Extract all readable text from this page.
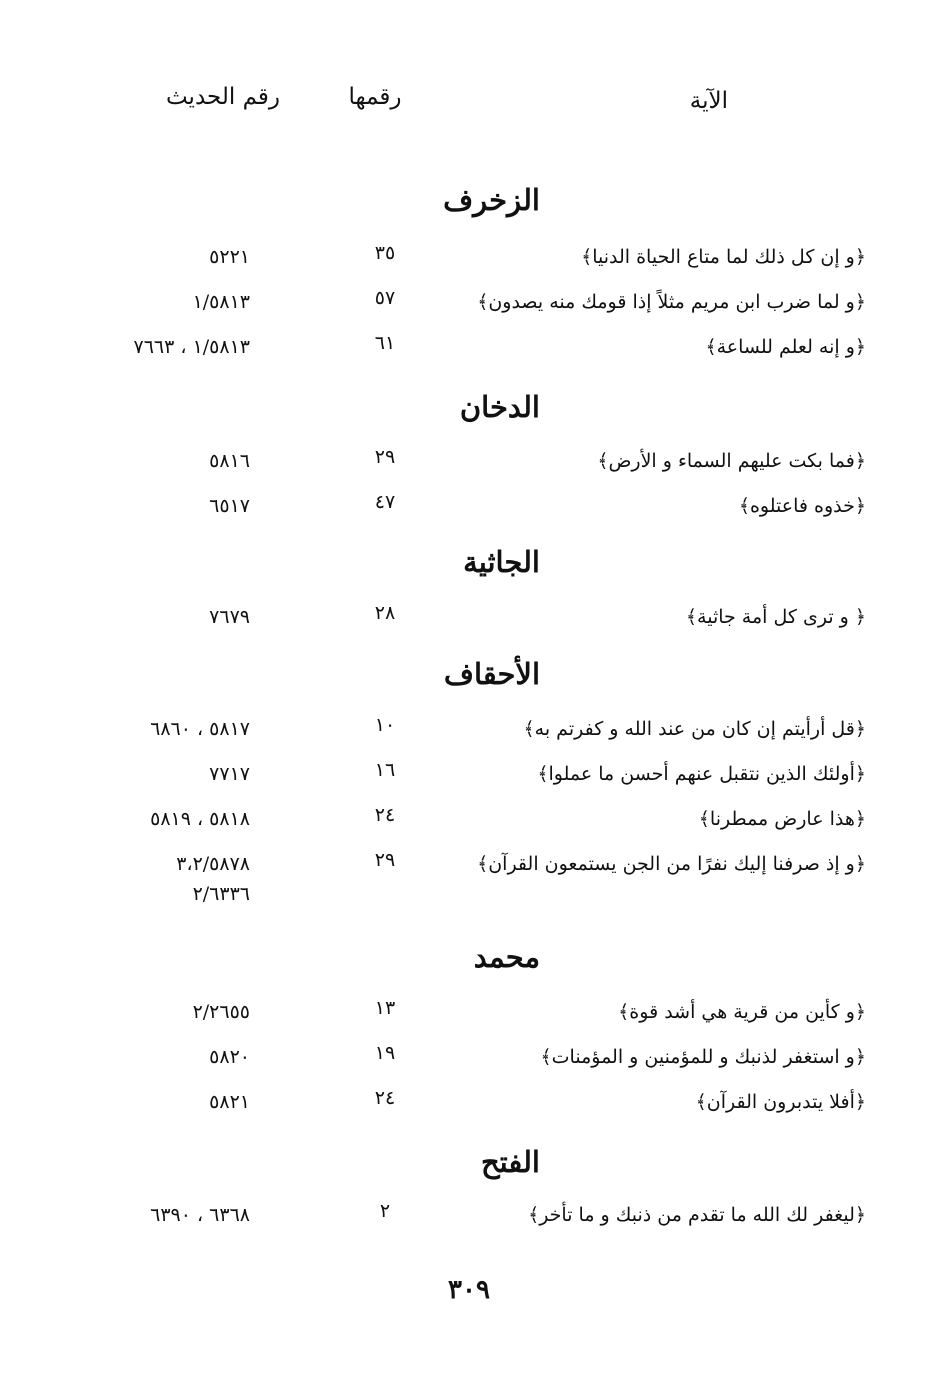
الآية
رقمها
رقم الحديث
الزخرف
﴿و إن كل ذلك لما متاع الحياة الدنيا﴾
٣٥
٥٢٢١
﴿و لما ضرب ابن مريم مثلاً إذا قومك منه يصدون﴾
٥٧
١/٥٨١٣
﴿و إنه لعلم للساعة﴾
٦١
١/٥٨١٣ ، ٧٦٦٣
الدخان
﴿فما بكت عليهم السماء و الأرض﴾
٢٩
٥٨١٦
﴿خذوه فاعتلوه﴾
٤٧
٦٥١٧
الجاثية
﴿ و ترى كل أمة جاثية﴾
٢٨
٧٦٧٩
الأحقاف
﴿قل أرأيتم إن كان من عند الله و كفرتم به﴾
١٠
٥٨١٧ ، ٦٨٦٠
﴿أولئك الذين نتقبل عنهم أحسن ما عملوا﴾
١٦
٧٧١٧
﴿هذا عارض ممطرنا﴾
٢٤
٥٨١٨ ، ٥٨١٩
﴿و إذ صرفنا إليك نفرًا من الجن يستمعون القرآن﴾
٢٩
٣،٢/٥٨٧٨
٢/٦٣٣٦
محمد
﴿و كأين من قرية هي أشد قوة﴾
١٣
٢/٢٦٥٥
﴿و استغفر لذنبك و للمؤمنين و المؤمنات﴾
١٩
٥٨٢٠
﴿أفلا يتدبرون القرآن﴾
٢٤
٥٨٢١
الفتح
﴿ليغفر لك الله ما تقدم من ذنبك و ما تأخر﴾
٢
٦٣٦٨ ، ٦٣٩٠
٣٠٩
